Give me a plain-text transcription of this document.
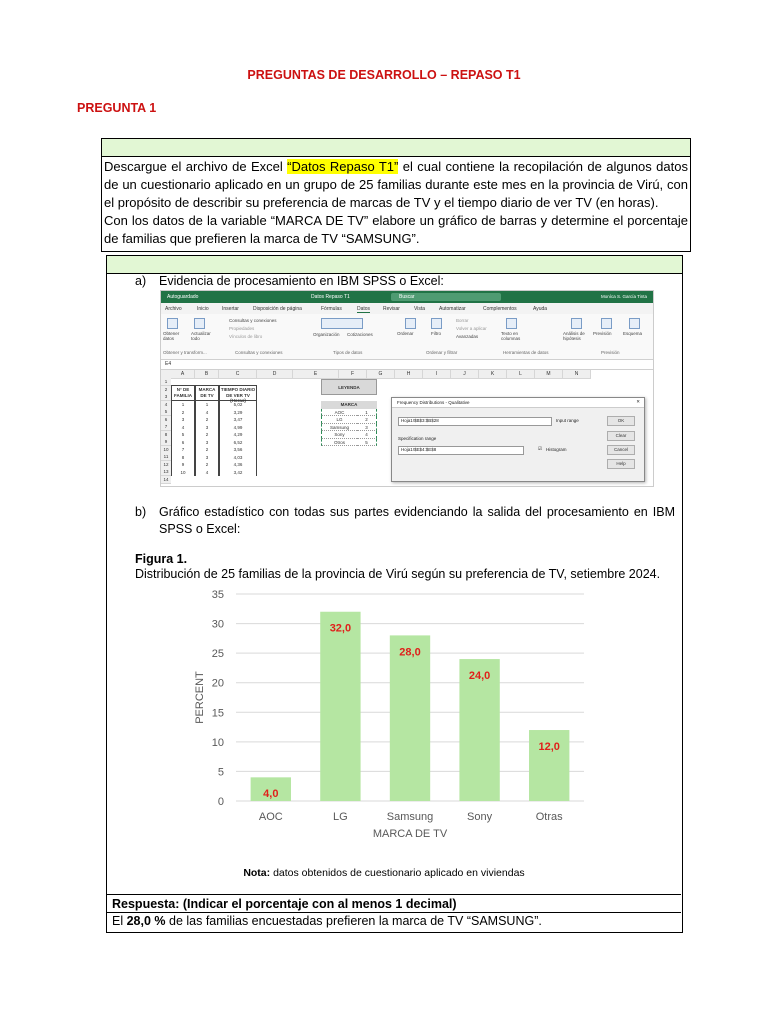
PREGUNTAS DE DESARROLLO – REPASO T1
PREGUNTA 1
Descargue el archivo de Excel “Datos Repaso T1” el cual contiene la recopilación de algunos datos de un cuestionario aplicado en un grupo de 25 familias durante este mes en la provincia de Virú, con el propósito de describir su preferencia de marcas de TV y el tiempo diario de ver TV (en horas).
Con los datos de la variable “MARCA DE TV” elabore un gráfico de barras y determine el porcentaje de familias que prefieren la marca de TV “SAMSUNG”.
a) Evidencia de procesamiento en IBM SPSS o Excel:
Autoguardado	Datos Repaso T1	Buscar	Moníca S. García Tinta
Archivo	Inicio	Insertar	Disposición de página	Fórmulas	Datos	Revisar	Vista	Automatizar	Complementos	Ayuda
Obtener datos
Actualizar todo
Consultas y conexiones
Propiedades
Vínculos de libro	Organización Cotizaciones	Ordenar	Filtro
Borrar
Volver a aplicar
Avanzadas
Texto en columnas
Análisis de hipótesis
Previsión	Esquema
Obtener y transform...	Consultas y conexiones	Tipos de datos	Ordenar y filtrar	Herramientas de datos	Previsión
E4
Frequency Distributions - Qualitative	✕
Hoja1!$B$3:$B$28	Input range
Specification range
Hoja1!$E$4:$E$8	☑ Histogram
OK
Clear
Cancel
Help
A	B	C	D	E	F	G	H	I	J	K	L	M	N
1
2
3
4
5
6
7
8
9
10
11
12
13
14
N° DE FAMILIA
MARCA DE TV
TIEMPO DIARIO DE VER TV (Horas)
1	1	5,02
2	4	3,29
3	2	3,47
4	3	4,99
5	2	4,29
6	3	6,52
7	2	3,56
8	3	4,03
9	2	4,36
10	4	3,42
LEYENDA
MARCA
AOC	1
LG	2
Samsung	3
Sony	4
Otros	5
b)	Gráfico estadístico con todas sus partes evidenciando la salida del procesamiento en IBM SPSS o Excel:
Figura 1.
Distribución de 25 familias de la provincia de Virú según su preferencia de TV, setiembre 2024.
0
5
10
15
20
25
30
35
4,0
AOC
32,0
LG
28,0
Samsung
24,0
Sony
12,0
Otras
MARCA DE TV
PERCENT
Nota: datos obtenidos de cuestionario aplicado en viviendas
Respuesta: (Indicar el porcentaje con al menos 1 decimal)
El 28,0 % de las familias encuestadas prefieren la marca de TV “SAMSUNG”.
